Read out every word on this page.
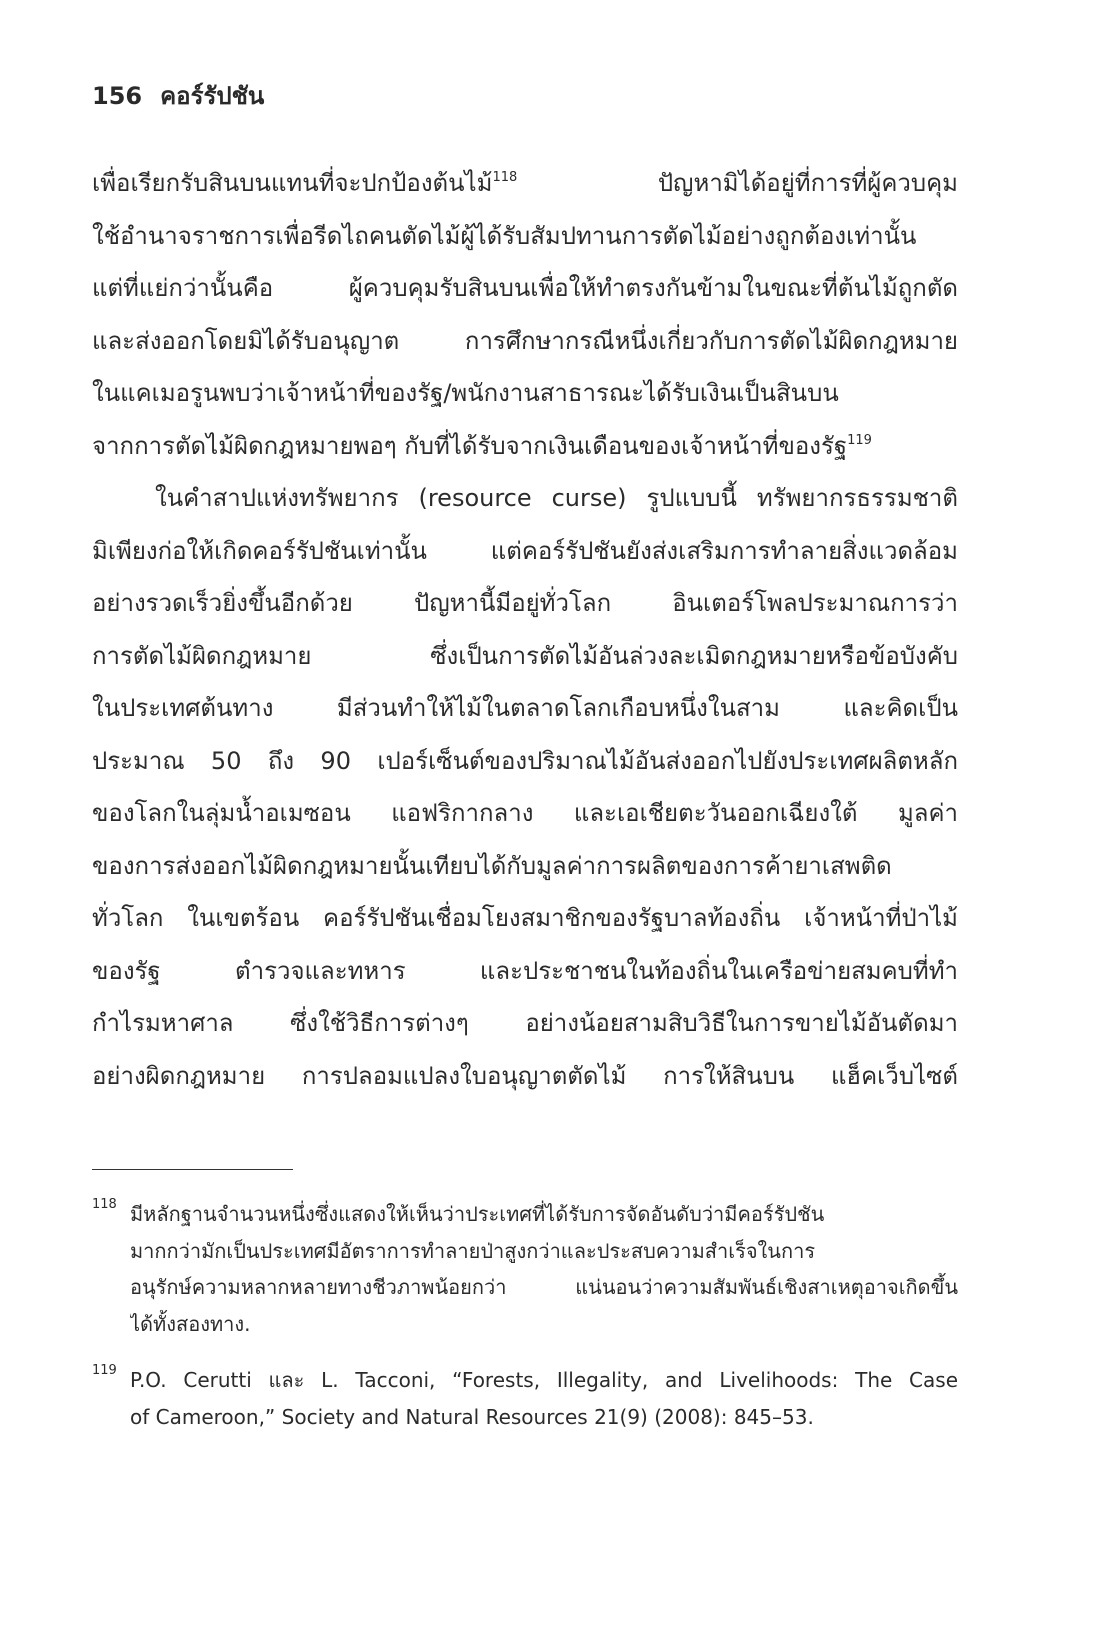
156 คอร์รัปชัน
เพื่อเรียกรับสินบนแทนที่จะปกป้องต้นไม้$^{118}$ ปัญหามิได้อยู่ที่การที่ผู้ควบคุม
ใช้อำนาจราชการเพื่อรีดไถคนตัดไม้ผู้ได้รับสัมปทานการตัดไม้อย่างถูกต้องเท่านั้น
แต่ที่แย่กว่านั้นคือ ผู้ควบคุมรับสินบนเพื่อให้ทำตรงกันข้ามในขณะที่ต้นไม้ถูกตัด
และส่งออกโดยมิได้รับอนุญาต การศึกษากรณีหนึ่งเกี่ยวกับการตัดไม้ผิดกฎหมาย
ในแคเมอรูนพบว่าเจ้าหน้าที่ของรัฐ/พนักงานสาธารณะได้รับเงินเป็นสินบน
จากการตัดไม้ผิดกฎหมายพอๆ กับที่ได้รับจากเงินเดือนของเจ้าหน้าที่ของรัฐ$^{119}$
ในคำสาปแห่งทรัพยากร (resource curse) รูปแบบนี้ ทรัพยากรธรรมชาติ
มิเพียงก่อให้เกิดคอร์รัปชันเท่านั้น แต่คอร์รัปชันยังส่งเสริมการทำลายสิ่งแวดล้อม
อย่างรวดเร็วยิ่งขึ้นอีกด้วย ปัญหานี้มีอยู่ทั่วโลก อินเตอร์โพลประมาณการว่า
การตัดไม้ผิดกฎหมาย ซึ่งเป็นการตัดไม้อันล่วงละเมิดกฎหมายหรือข้อบังคับ
ในประเทศต้นทาง มีส่วนทำให้ไม้ในตลาดโลกเกือบหนึ่งในสาม และคิดเป็น
ประมาณ 50 ถึง 90 เปอร์เซ็นต์ของปริมาณไม้อันส่งออกไปยังประเทศผลิตหลัก
ของโลกในลุ่มน้ำอเมซอน แอฟริกากลาง และเอเชียตะวันออกเฉียงใต้ มูลค่า
ของการส่งออกไม้ผิดกฎหมายนั้นเทียบได้กับมูลค่าการผลิตของการค้ายาเสพติด
ทั่วโลก ในเขตร้อน คอร์รัปชันเชื่อมโยงสมาชิกของรัฐบาลท้องถิ่น เจ้าหน้าที่ป่าไม้
ของรัฐ ตำรวจและทหาร และประชาชนในท้องถิ่นในเครือข่ายสมคบที่ทำ
กำไรมหาศาล ซึ่งใช้วิธีการต่างๆ อย่างน้อยสามสิบวิธีในการขายไม้อันตัดมา
อย่างผิดกฎหมาย การปลอมแปลงใบอนุญาตตัดไม้ การให้สินบน แฮ็คเว็บไซต์
118 มีหลักฐานจำนวนหนึ่งซึ่งแสดงให้เห็นว่าประเทศที่ได้รับการจัดอันดับว่ามีคอร์รัปชัน
มากกว่ามักเป็นประเทศมีอัตราการทำลายป่าสูงกว่าและประสบความสำเร็จในการ
อนุรักษ์ความหลากหลายทางชีวภาพน้อยกว่า แน่นอนว่าความสัมพันธ์เชิงสาเหตุอาจเกิดขึ้น
ได้ทั้งสองทาง.
119 P.O. Cerutti และ L. Tacconi, “Forests, Illegality, and Livelihoods: The Case
of Cameroon,” Society and Natural Resources 21(9) (2008): 845–53.
